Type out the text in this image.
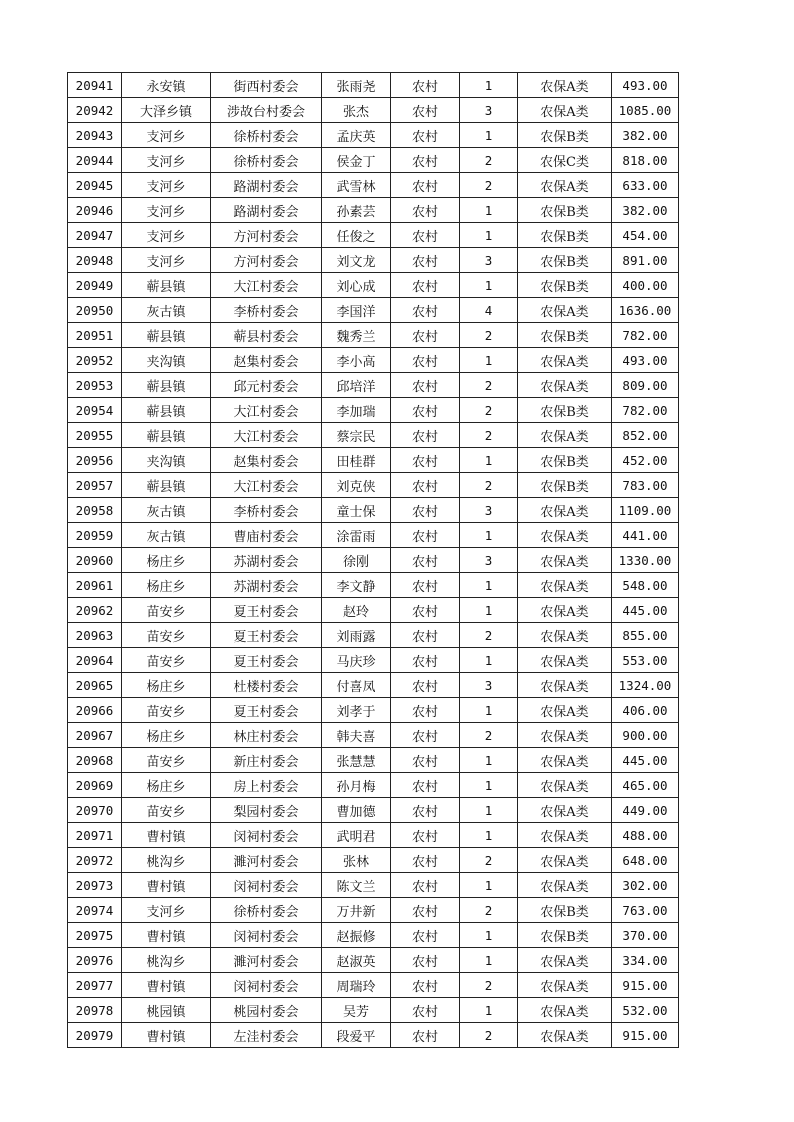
20941	永安镇	街西村委会	张雨尧	农村	1	农保A类	493.00
20942	大泽乡镇	涉故台村委会	张杰	农村	3	农保A类	1085.00
20943	支河乡	徐桥村委会	孟庆英	农村	1	农保B类	382.00
20944	支河乡	徐桥村委会	侯金丁	农村	2	农保C类	818.00
20945	支河乡	路湖村委会	武雪林	农村	2	农保A类	633.00
20946	支河乡	路湖村委会	孙素芸	农村	1	农保B类	382.00
20947	支河乡	方河村委会	任俊之	农村	1	农保B类	454.00
20948	支河乡	方河村委会	刘文龙	农村	3	农保B类	891.00
20949	蕲县镇	大江村委会	刘心成	农村	1	农保B类	400.00
20950	灰古镇	李桥村委会	李国洋	农村	4	农保A类	1636.00
20951	蕲县镇	蕲县村委会	魏秀兰	农村	2	农保B类	782.00
20952	夹沟镇	赵集村委会	李小高	农村	1	农保A类	493.00
20953	蕲县镇	邱元村委会	邱培洋	农村	2	农保A类	809.00
20954	蕲县镇	大江村委会	李加瑞	农村	2	农保B类	782.00
20955	蕲县镇	大江村委会	蔡宗民	农村	2	农保A类	852.00
20956	夹沟镇	赵集村委会	田桂群	农村	1	农保B类	452.00
20957	蕲县镇	大江村委会	刘克侠	农村	2	农保B类	783.00
20958	灰古镇	李桥村委会	童士保	农村	3	农保A类	1109.00
20959	灰古镇	曹庙村委会	涂雷雨	农村	1	农保A类	441.00
20960	杨庄乡	苏湖村委会	徐刚	农村	3	农保A类	1330.00
20961	杨庄乡	苏湖村委会	李文静	农村	1	农保A类	548.00
20962	苗安乡	夏王村委会	赵玲	农村	1	农保A类	445.00
20963	苗安乡	夏王村委会	刘雨露	农村	2	农保A类	855.00
20964	苗安乡	夏王村委会	马庆珍	农村	1	农保A类	553.00
20965	杨庄乡	杜楼村委会	付喜凤	农村	3	农保A类	1324.00
20966	苗安乡	夏王村委会	刘孝于	农村	1	农保A类	406.00
20967	杨庄乡	林庄村委会	韩夫喜	农村	2	农保A类	900.00
20968	苗安乡	新庄村委会	张慧慧	农村	1	农保A类	445.00
20969	杨庄乡	房上村委会	孙月梅	农村	1	农保A类	465.00
20970	苗安乡	梨园村委会	曹加德	农村	1	农保A类	449.00
20971	曹村镇	闵祠村委会	武明君	农村	1	农保A类	488.00
20972	桃沟乡	濉河村委会	张林	农村	2	农保A类	648.00
20973	曹村镇	闵祠村委会	陈文兰	农村	1	农保A类	302.00
20974	支河乡	徐桥村委会	万井新	农村	2	农保B类	763.00
20975	曹村镇	闵祠村委会	赵振修	农村	1	农保B类	370.00
20976	桃沟乡	濉河村委会	赵淑英	农村	1	农保A类	334.00
20977	曹村镇	闵祠村委会	周瑞玲	农村	2	农保A类	915.00
20978	桃园镇	桃园村委会	吴芳	农村	1	农保A类	532.00
20979	曹村镇	左洼村委会	段爱平	农村	2	农保A类	915.00
